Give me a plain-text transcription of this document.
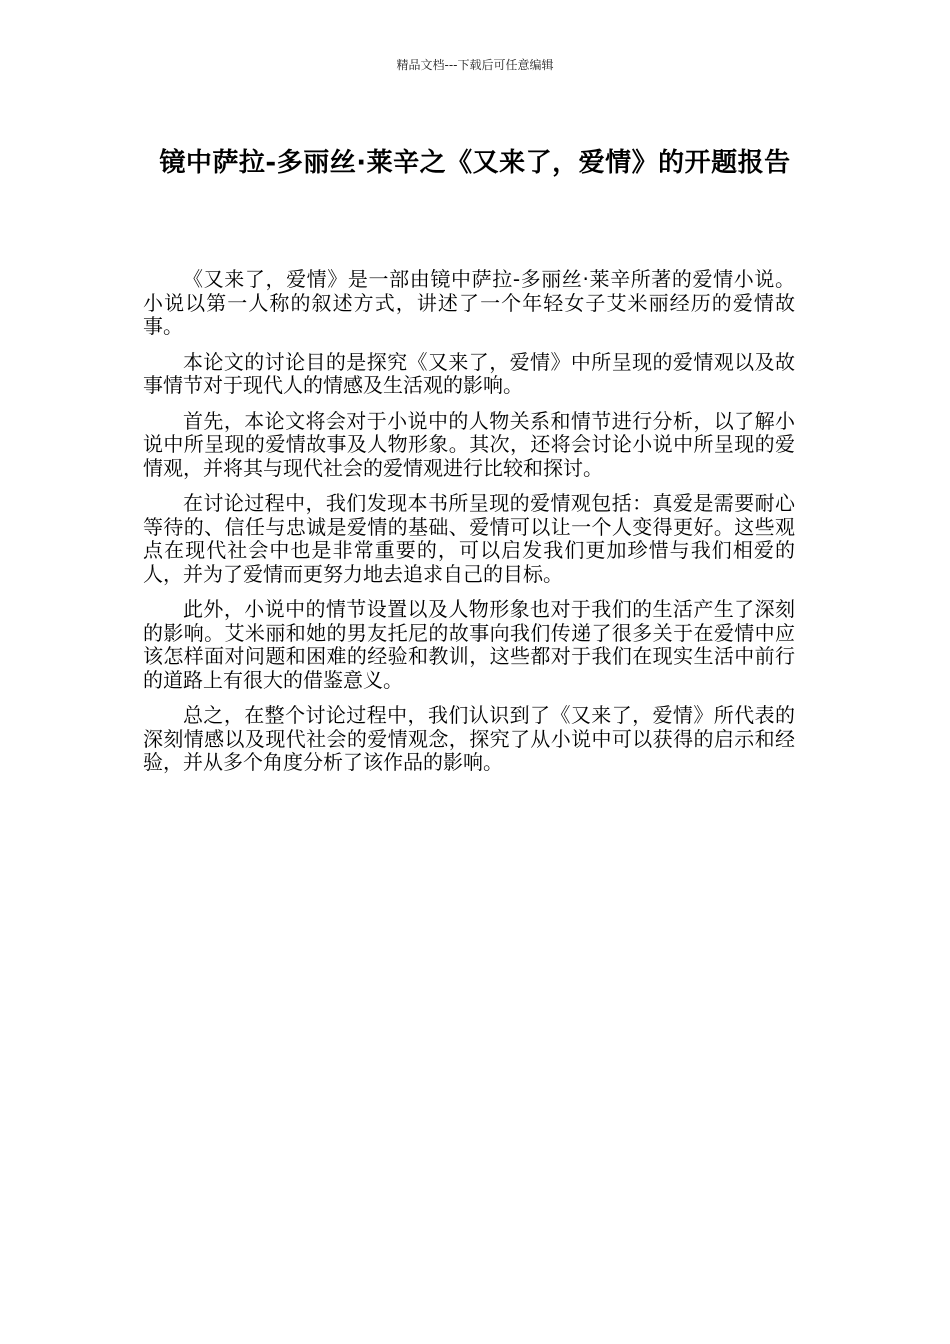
精品文档---下载后可任意编辑
镜中萨拉-多丽丝·莱辛之《又来了，爱情》的开题报告

《又来了，爱情》是一部由镜中萨拉-多丽丝·莱辛所著的爱情小说。小说以第一人称的叙述方式，讲述了一个年轻女子艾米丽经历的爱情故事。

本论文的讨论目的是探究《又来了，爱情》中所呈现的爱情观以及故事情节对于现代人的情感及生活观的影响。

首先，本论文将会对于小说中的人物关系和情节进行分析，以了解小说中所呈现的爱情故事及人物形象。其次，还将会讨论小说中所呈现的爱情观，并将其与现代社会的爱情观进行比较和探讨。

在讨论过程中，我们发现本书所呈现的爱情观包括：真爱是需要耐心等待的、信任与忠诚是爱情的基础、爱情可以让一个人变得更好。这些观点在现代社会中也是非常重要的，可以启发我们更加珍惜与我们相爱的人，并为了爱情而更努力地去追求自己的目标。

此外，小说中的情节设置以及人物形象也对于我们的生活产生了深刻的影响。艾米丽和她的男友托尼的故事向我们传递了很多关于在爱情中应该怎样面对问题和困难的经验和教训，这些都对于我们在现实生活中前行的道路上有很大的借鉴意义。

总之，在整个讨论过程中，我们认识到了《又来了，爱情》所代表的深刻情感以及现代社会的爱情观念，探究了从小说中可以获得的启示和经验，并从多个角度分析了该作品的影响。
